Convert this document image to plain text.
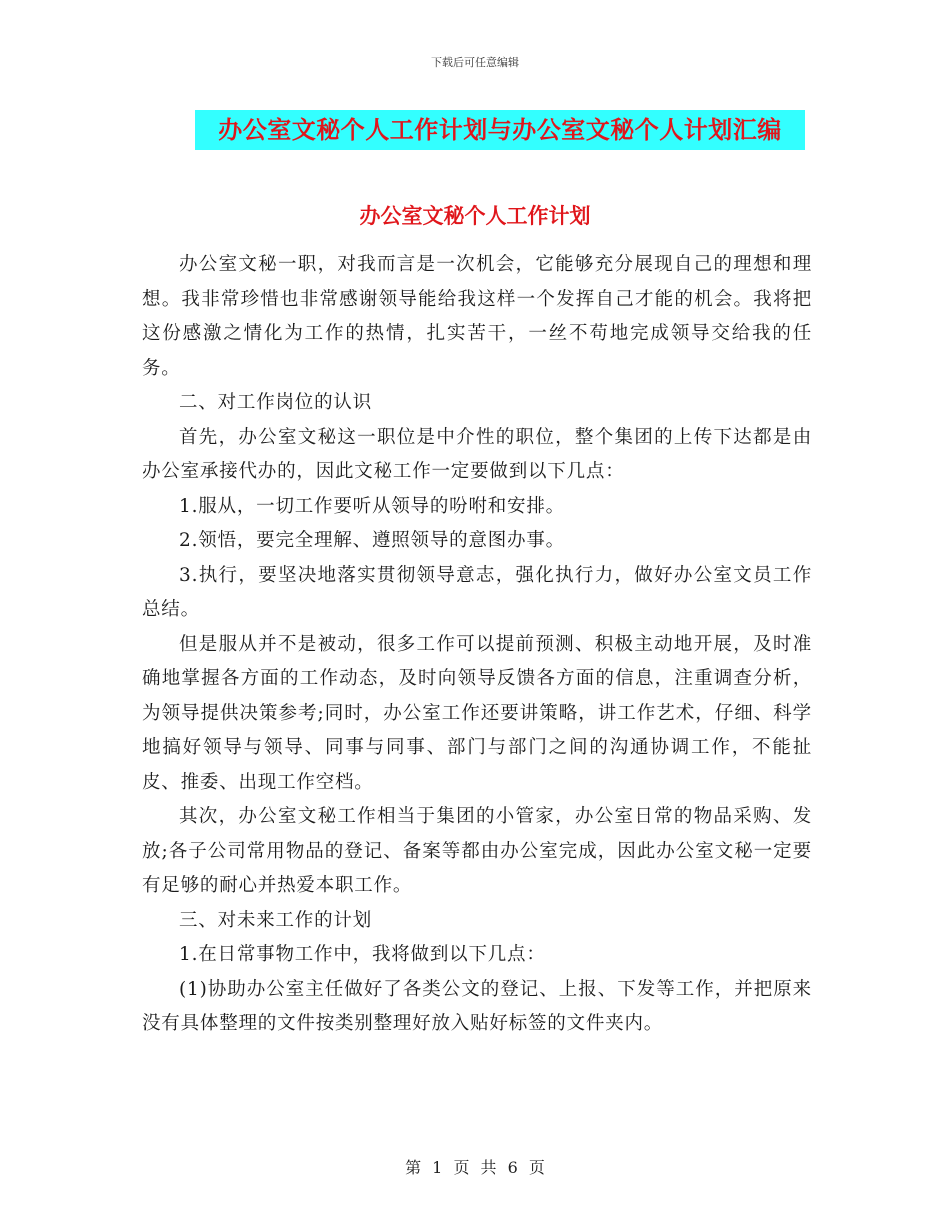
下载后可任意编辑
办公室文秘个人工作计划与办公室文秘个人计划汇编
办公室文秘个人工作计划

办公室文秘一职，对我而言是一次机会，它能够充分展现自己的理想和理想。我非常珍惜也非常感谢领导能给我这样一个发挥自己才能的机会。我将把这份感激之情化为工作的热情，扎实苦干，一丝不苟地完成领导交给我的任务。

二、对工作岗位的认识

首先，办公室文秘这一职位是中介性的职位，整个集团的上传下达都是由办公室承接代办的，因此文秘工作一定要做到以下几点：

1.服从，一切工作要听从领导的吩咐和安排。

2.领悟，要完全理解、遵照领导的意图办事。

3.执行，要坚决地落实贯彻领导意志，强化执行力，做好办公室文员工作总结。

但是服从并不是被动，很多工作可以提前预测、积极主动地开展，及时准确地掌握各方面的工作动态，及时向领导反馈各方面的信息，注重调查分析，为领导提供决策参考;同时，办公室工作还要讲策略，讲工作艺术，仔细、科学地搞好领导与领导、同事与同事、部门与部门之间的沟通协调工作，不能扯皮、推委、出现工作空档。

其次，办公室文秘工作相当于集团的小管家，办公室日常的物品采购、发放;各子公司常用物品的登记、备案等都由办公室完成，因此办公室文秘一定要有足够的耐心并热爱本职工作。

三、对未来工作的计划

1.在日常事物工作中，我将做到以下几点：

(1)协助办公室主任做好了各类公文的登记、上报、下发等工作，并把原来没有具体整理的文件按类别整理好放入贴好标签的文件夹内。

第 1 页 共 6 页
